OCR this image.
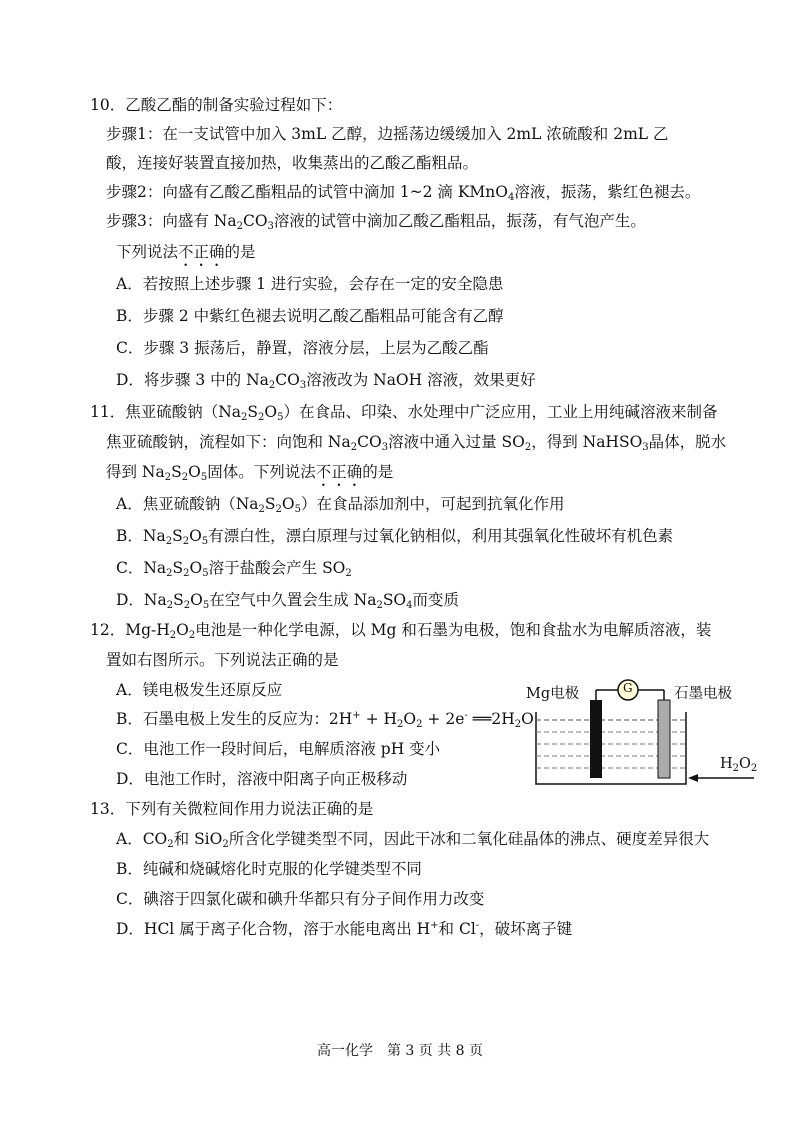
10．乙酸乙酯的制备实验过程如下：
步骤1：在一支试管中加入 3mL 乙醇，边摇荡边缓缓加入 2mL 浓硫酸和 2mL 乙
酸，连接好装置直接加热，收集蒸出的乙酸乙酯粗品。
步骤2：向盛有乙酸乙酯粗品的试管中滴加 1~2 滴 KMnO$_4$溶液，振荡，紫红色褪去。
步骤3：向盛有 $Na_2CO_3$溶液的试管中滴加乙酸乙酯粗品，振荡，有气泡产生。
下列说法不正确的是
A．若按照上述步骤 1 进行实验，会存在一定的安全隐患
B．步骤 2 中紫红色褪去说明乙酸乙酯粗品可能含有乙醇
C．步骤 3 振荡后，静置，溶液分层，上层为乙酸乙酯
D．将步骤 3 中的 $Na_2CO_3$溶液改为 NaOH 溶液，效果更好
11．焦亚硫酸钠$(Na_2S_2O_5)$在食品、印染、水处理中广泛应用，工业上用纯碱溶液来制备
焦亚硫酸钠，流程如下：向饱和 $Na_2CO_3$溶液中通入过量 $SO_2$，得到 NaHSO$_3$晶体，脱水
得到 $Na_2S_2O_5$固体。下列说法不正确的是
A．焦亚硫酸钠$(Na_2S_2O_5)$在食品添加剂中，可起到抗氧化作用
B．$Na_2S_2O_5$有漂白性，漂白原理与过氧化钠相似，利用其强氧化性破坏有机色素
C．$Na_2S_2O_5$溶于盐酸会产生 $SO_2$
D．$Na_2S_2O_5$在空气中久置会生成 $Na_2SO_4$而变质
12．$Mg-H_2O_2$电池是一种化学电源，以 Mg 和石墨为电极，饱和食盐水为电解质溶液，装
置如右图所示。下列说法正确的是
A．镁电极发生还原反应
B．石墨电极上发生的反应为：$2H^+ + H_2O_2 + 2e^-$ $══2H_2O$
C．电池工作一段时间后，电解质溶液 pH 变小
D．电池工作时，溶液中阳离子向正极移动
Mg电极	G	石墨电极
$H_2O_2$
13．下列有关微粒间作用力说法正确的是
A．$CO_2$和 SiO$_2$所含化学键类型不同，因此干冰和二氧化硅晶体的沸点、硬度差异很大
B．纯碱和烧碱熔化时克服的化学键类型不同
C．碘溶于四氯化碳和碘升华都只有分子间作用力改变
D．HCl 属于离子化合物，溶于水能电离出 H+和 Cl-，破坏离子键
高一化学　第 3 页 共 8 页
